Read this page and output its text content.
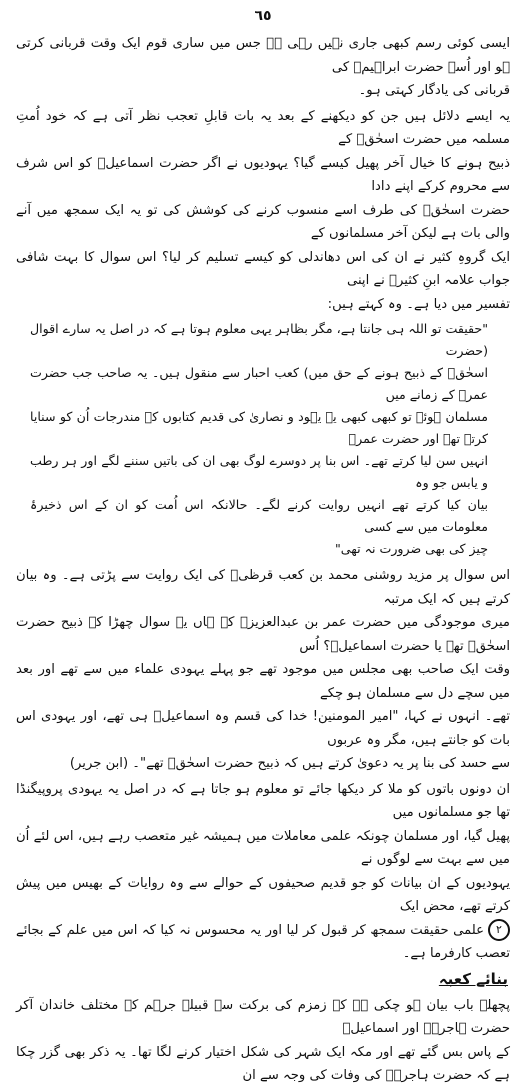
٦٥
ایسی کوئی رسم کبھی جاری نہیں رہی ہے جس میں ساری قوم ایک وقت قربانی کرتی ہو اور اُسے حضرت ابراہیمؑ کی
قربانی کی یادگار کہتی ہو۔
یہ ایسے دلائل ہیں جن کو دیکھنے کے بعد یہ بات قابلِ تعجب نظر آتی ہے کہ خود اُمتِ مسلمہ میں حضرت اسحٰقؑ کے
ذبیح ہونے کا خیال آخر پھیل کیسے گیا؟ یہودیوں نے اگر حضرت اسماعیلؑ کو اس شرف سے محروم کرکے اپنے دادا
حضرت اسحٰقؑ کی طرف اسے منسوب کرنے کی کوشش کی تو یہ ایک سمجھ میں آنے والی بات ہے لیکن آخر مسلمانوں کے
ایک گروہِ کثیر نے ان کی اس دھاندلی کو کیسے تسلیم کر لیا؟ اس سوال کا بہت شافی جواب علامہ ابنِ کثیرؒ نے اپنی
تفسیر میں دیا ہے۔ وہ کہتے ہیں:
"حقیقت تو اللہ ہی جانتا ہے، مگر بظاہر یہی معلوم ہوتا ہے کہ در اصل یہ سارے اقوال (حضرت
اسحٰقؑ کے ذبیح ہونے کے حق میں) کعب احبار سے منقول ہیں۔ یہ صاحب جب حضرت عمرؓ کے زمانے میں
مسلمان ہوئے تو کبھی کبھی یہ یہود و نصاریٰ کی قدیم کتابوں کے مندرجات اُن کو سنایا کرتے تھے اور حضرت عمرؓ
انہیں سن لیا کرتے تھے۔ اس بنا پر دوسرے لوگ بھی ان کی باتیں سننے لگے اور ہر رطب و یابس جو وہ
بیان کیا کرتے تھے انہیں روایت کرنے لگے۔ حالانکہ اس اُمت کو ان کے اس ذخیرۂ معلومات میں سے کسی
چیز کی بھی ضرورت نہ تھی"
اس سوال پر مزید روشنی محمد بن کعب قرظیؒ کی ایک روایت سے پڑتی ہے۔ وہ بیان کرتے ہیں کہ ایک مرتبہ
میری موجودگی میں حضرت عمر بن عبدالعزیزؒ کے ہاں یہ سوال چھڑا کہ ذبیح حضرت اسحٰقؑ تھے یا حضرت اسماعیلؑ؟ اُس
وقت ایک صاحب بھی مجلس میں موجود تھے جو پہلے یہودی علماء میں سے تھے اور بعد میں سچے دل سے مسلمان ہو چکے
تھے۔ انہوں نے کہا، "امیر المومنین! خدا کی قسم وہ اسماعیلؑ ہی تھے، اور یہودی اس بات کو جانتے ہیں، مگر وہ عربوں
سے حسد کی بنا پر یہ دعویٰ کرتے ہیں کہ ذبیح حضرت اسحٰقؑ تھے"۔ (ابن جریر)
ان دونوں باتوں کو ملا کر دیکھا جائے تو معلوم ہو جاتا ہے کہ در اصل یہ یہودی پروپیگنڈا تھا جو مسلمانوں میں
پھیل گیا، اور مسلمان چونکہ علمی معاملات میں ہمیشہ غیر متعصب رہے ہیں، اس لئے اُن میں سے بہت سے لوگوں نے
یہودیوں کے ان بیانات کو جو قدیم صحیفوں کے حوالے سے وہ روایات کے بھیس میں پیش کرتے تھے، محض ایک
۲علمی حقیقت سمجھ کر قبول کر لیا اور یہ محسوس نہ کیا کہ اس میں علم کے بجائے تعصب کارفرما ہے۔
بنائے کعبہ
پچھلے باب بیان ہو چکی ہے کہ زمزم کی برکت سے قبیلۂ جرہم کے مختلف خاندان آکر حضرت ہاجرہؑ اور اسماعیلؑ
کے پاس بس گئے تھے اور مکہ ایک شہر کی شکل اختیار کرنے لگا تھا۔ یہ ذکر بھی گزر چکا ہے کہ حضرت ہاجرہؑ کی وفات کی وجہ سے ان
